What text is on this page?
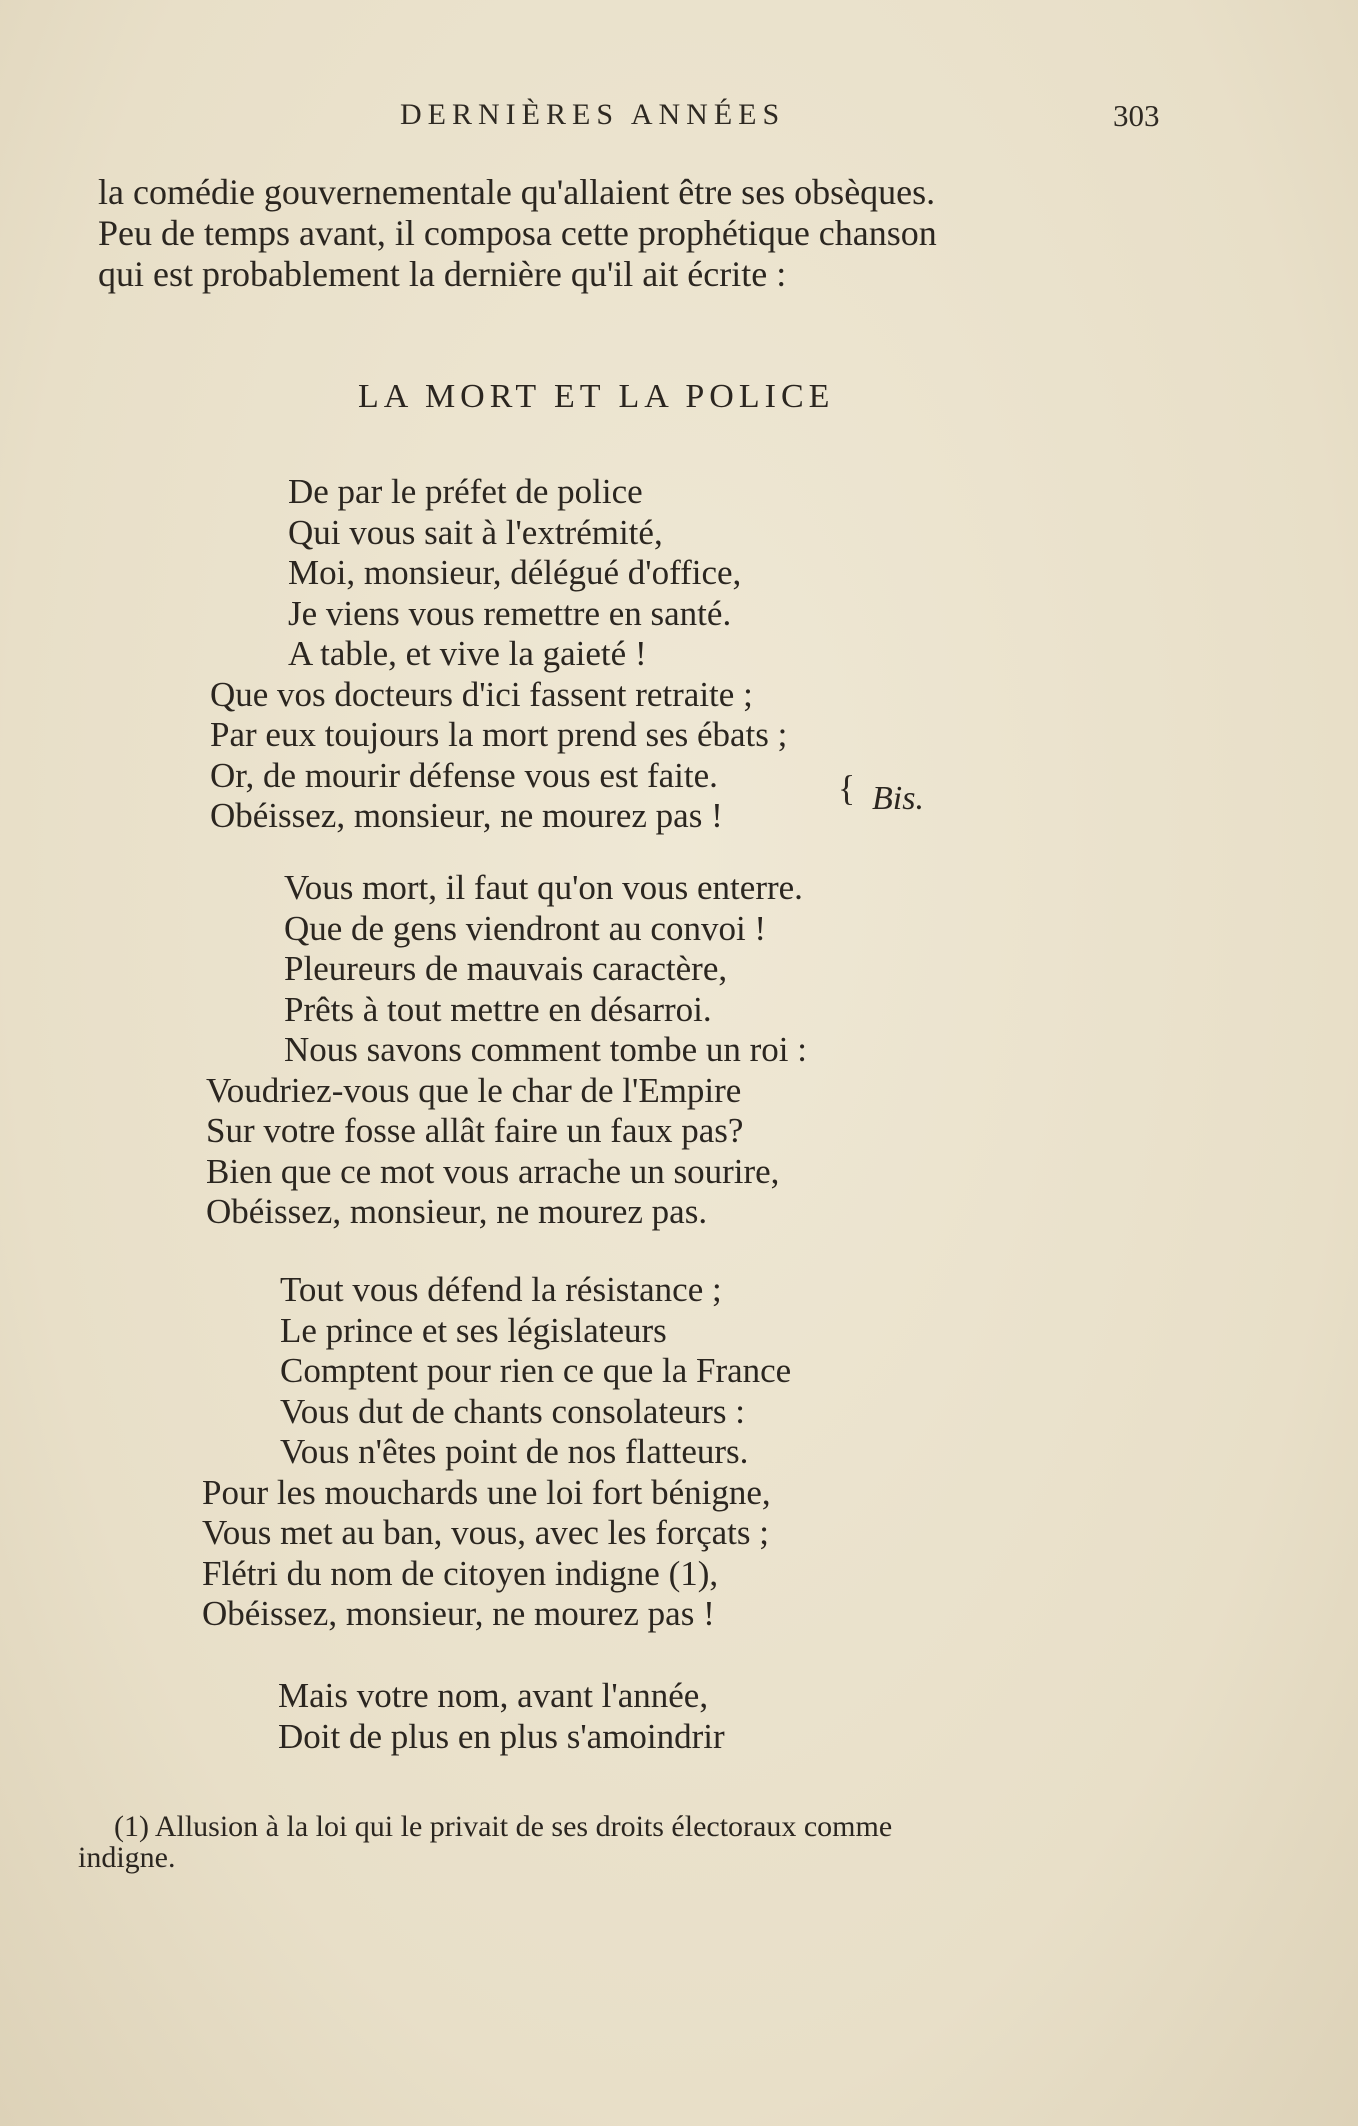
DERNIÈRES ANNÉES	303

la comédie gouvernementale qu'allaient être ses obsèques.
Peu de temps avant, il composa cette prophétique chanson
qui est probablement la dernière qu'il ait écrite :

LA MORT ET LA POLICE
De par le préfet de police
Qui vous sait à l'extrémité,
Moi, monsieur, délégué d'office,
Je viens vous remettre en santé.
A table, et vive la gaieté !
Que vos docteurs d'ici fassent retraite ;
Par eux toujours la mort prend ses ébats ;
Or, de mourir défense vous est faite.
Obéissez, monsieur, ne mourez pas !
{ Bis.
Vous mort, il faut qu'on vous enterre.
Que de gens viendront au convoi !
Pleureurs de mauvais caractère,
Prêts à tout mettre en désarroi.
Nous savons comment tombe un roi :
Voudriez-vous que le char de l'Empire
Sur votre fosse allât faire un faux pas?
Bien que ce mot vous arrache un sourire,
Obéissez, monsieur, ne mourez pas.
Tout vous défend la résistance ;
Le prince et ses législateurs
Comptent pour rien ce que la France
Vous dut de chants consolateurs :
Vous n'êtes point de nos flatteurs.
Pour les mouchards une loi fort bénigne,
Vous met au ban, vous, avec les forçats ;
Flétri du nom de citoyen indigne (1),
Obéissez, monsieur, ne mourez pas !
Mais votre nom, avant l'année,
Doit de plus en plus s'amoindrir

(1) Allusion à la loi qui le privait de ses droits électoraux comme
indigne.
